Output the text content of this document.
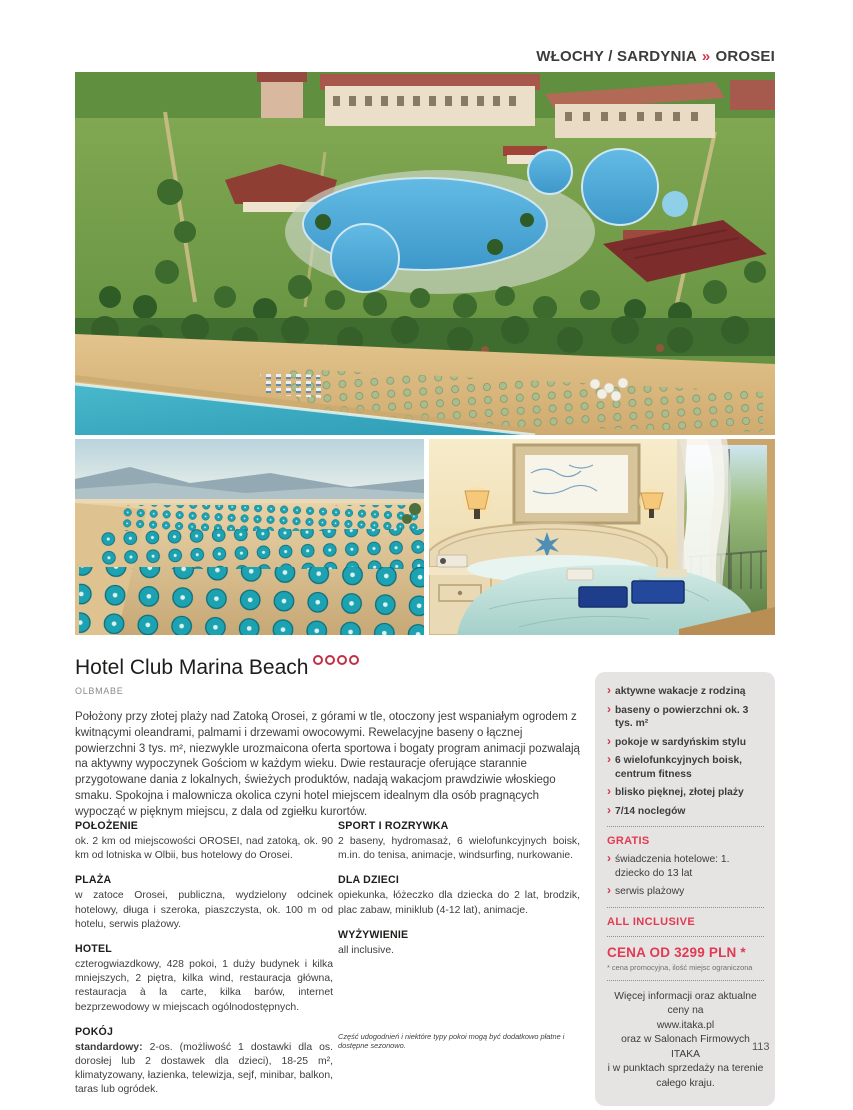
WŁOCHY / SARDYNIA » OROSEI
Hotel Club Marina Beach
OLBMABE
Położony przy złotej plaży nad Zatoką Orosei, z górami w tle, otoczony jest wspaniałym ogrodem z kwitnącymi oleandrami, palmami i drzewami owocowymi. Rewelacyjne baseny o łącznej powierzchni 3 tys. m², niezwykle urozmaicona oferta sportowa i bogaty program animacji pozwalają na aktywny wypoczynek Gościom w każdym wieku. Dwie restauracje oferujące starannie przygotowane dania z lokalnych, świeżych produktów, nadają wakacjom prawdziwie włoskiego smaku. Spokojna i malownicza okolica czyni hotel miejscem idealnym dla osób pragnących wypocząć w pięknym miejscu, z dala od zgiełku kurortów.
POŁOŻENIE

ok. 2 km od miejscowości OROSEI, nad zatoką, ok. 90 km od lotniska w Olbii, bus hotelowy do Orosei.

PLAŻA

w zatoce Orosei, publiczna, wydzielony odcinek hotelowy, długa i szeroka, piaszczysta, ok. 100 m od hotelu, serwis plażowy.

HOTEL

czterogwiazdkowy, 428 pokoi, 1 duży budynek i kilka mniejszych, 2 piętra, kilka wind, restauracja główna, restauracja à la carte, kilka barów, internet bezprzewodowy w miejscach ogólnodostępnych.

POKÓJ

standardowy: 2-os. (możliwość 1 dostawki dla os. dorosłej lub 2 dostawek dla dzieci), 18-25 m², klimatyzowany, łazienka, telewizja, sejf, minibar, balkon, taras lub ogródek.

SPORT I ROZRYWKA

2 baseny, hydromasaż, 6 wielofunkcyjnych boisk, m.in. do tenisa, animacje, windsurfing, nurkowanie.

DLA DZIECI

opiekunka, łóżeczko dla dziecka do 2 lat, brodzik, plac zabaw, miniklub (4-12 lat), animacje.

WYŻYWIENIE

all inclusive.

Część udogodnień i niektóre typy pokoi mogą być dodatkowo płatne i dostępne sezonowo.
› aktywne wakacje z rodziną
› baseny o powierzchni ok. 3 tys. m²
› pokoje w sardyńskim stylu
› 6 wielofunkcyjnych boisk, centrum fitness
› blisko pięknej, złotej plaży
› 7/14 noclegów
GRATIS
› świadczenia hotelowe: 1. dziecko do 13 lat
› serwis plażowy
ALL INCLUSIVE
CENA OD 3299 PLN *

* cena promocyjna, ilość miejsc ograniczona

Więcej informacji oraz aktualne ceny na
www.itaka.pl
oraz w Salonach Firmowych ITAKA
i w punktach sprzedaży na terenie
całego kraju.
113
